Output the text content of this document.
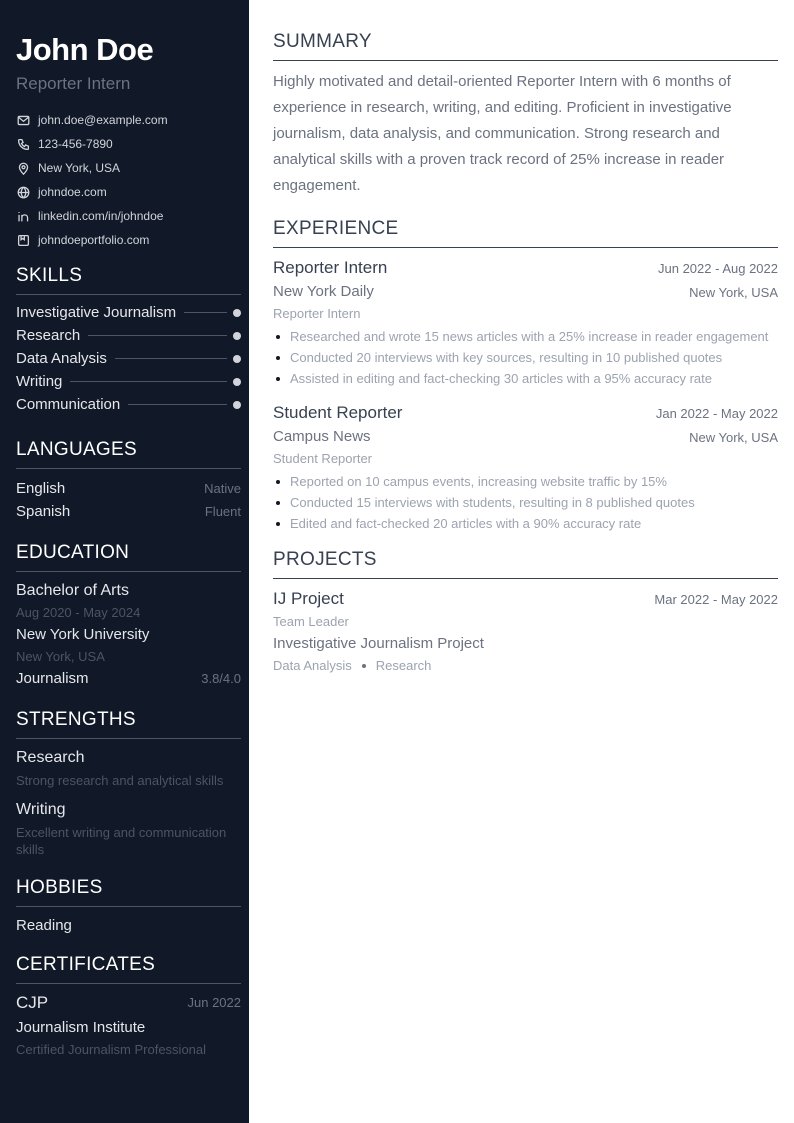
John Doe
Reporter Intern
john.doe@example.com
123-456-7890
New York, USA
johndoe.com
linkedin.com/in/johndoe
johndoeportfolio.com
SKILLS
Investigative Journalism
Research
Data Analysis
Writing
Communication
LANGUAGES
English	Native
Spanish	Fluent
EDUCATION
Bachelor of Arts
Aug 2020 - May 2024
New York University
New York, USA
Journalism	3.8/4.0
STRENGTHS
Research
Strong research and analytical skills
Writing
Excellent writing and communication skills
HOBBIES
Reading
CERTIFICATES
CJP	Jun 2022
Journalism Institute
Certified Journalism Professional
SUMMARY

Highly motivated and detail-oriented Reporter Intern with 6 months of experience in research, writing, and editing. Proficient in investigative journalism, data analysis, and communication. Strong research and analytical skills with a proven track record of 25% increase in reader engagement.

EXPERIENCE
Reporter Intern	Jun 2022 - Aug 2022
New York Daily	New York, USA
Reporter Intern
Researched and wrote 15 news articles with a 25% increase in reader engagement
Conducted 20 interviews with key sources, resulting in 10 published quotes
Assisted in editing and fact-checking 30 articles with a 95% accuracy rate
Student Reporter	Jan 2022 - May 2022
Campus News	New York, USA
Student Reporter
Reported on 10 campus events, increasing website traffic by 15%
Conducted 15 interviews with students, resulting in 8 published quotes
Edited and fact-checked 20 articles with a 90% accuracy rate
PROJECTS
IJ Project	Mar 2022 - May 2022
Team Leader
Investigative Journalism Project
Data Analysis Research
